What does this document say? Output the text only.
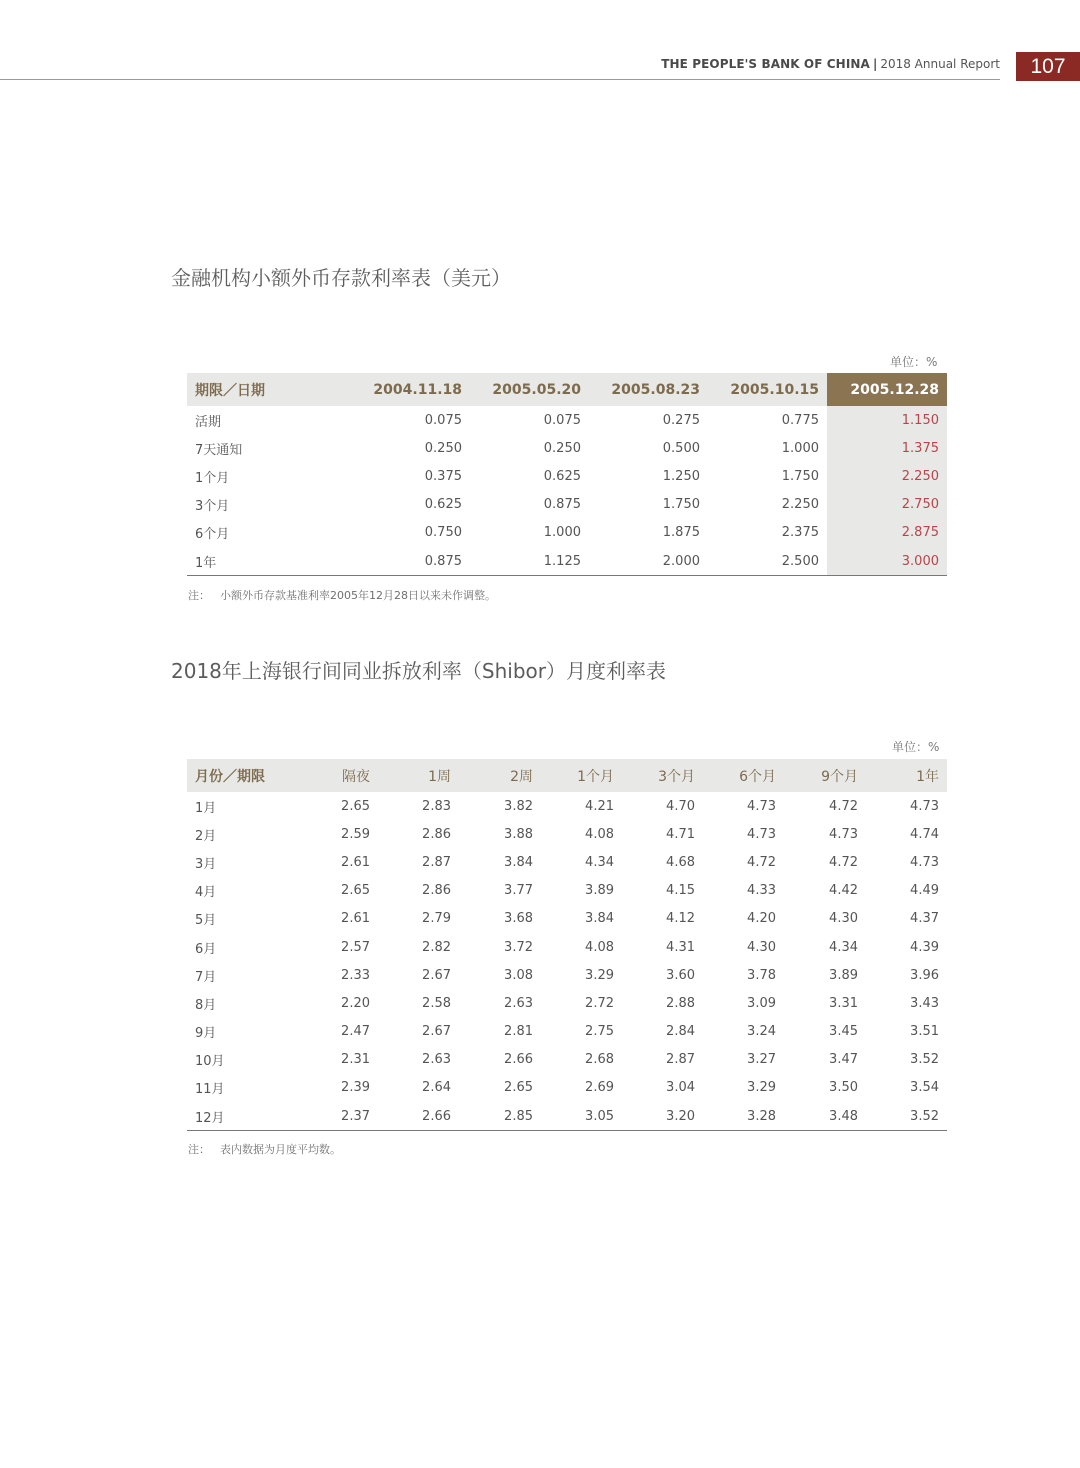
THE PEOPLE'S BANK OF CHINA | 2018 Annual Report	107
金融机构小额外币存款利率表（美元）
单位：%
期限／日期	2004.11.18	2005.05.20	2005.08.23	2005.10.15	2005.12.28
活期	0.075	0.075	0.275	0.775	1.150
7天通知	0.250	0.250	0.500	1.000	1.375
1个月	0.375	0.625	1.250	1.750	2.250
3个月	0.625	0.875	1.750	2.250	2.750
6个月	0.750	1.000	1.875	2.375	2.875
1年	0.875	1.125	2.000	2.500	3.000
注： 小额外币存款基准利率2005年12月28日以来未作调整。
2018年上海银行间同业拆放利率（Shibor）月度利率表
单位：%
月份／期限	隔夜	1周	2周	1个月	3个月	6个月	9个月	1年
1月	2.65	2.83	3.82	4.21	4.70	4.73	4.72	4.73
2月	2.59	2.86	3.88	4.08	4.71	4.73	4.73	4.74
3月	2.61	2.87	3.84	4.34	4.68	4.72	4.72	4.73
4月	2.65	2.86	3.77	3.89	4.15	4.33	4.42	4.49
5月	2.61	2.79	3.68	3.84	4.12	4.20	4.30	4.37
6月	2.57	2.82	3.72	4.08	4.31	4.30	4.34	4.39
7月	2.33	2.67	3.08	3.29	3.60	3.78	3.89	3.96
8月	2.20	2.58	2.63	2.72	2.88	3.09	3.31	3.43
9月	2.47	2.67	2.81	2.75	2.84	3.24	3.45	3.51
10月	2.31	2.63	2.66	2.68	2.87	3.27	3.47	3.52
11月	2.39	2.64	2.65	2.69	3.04	3.29	3.50	3.54
12月	2.37	2.66	2.85	3.05	3.20	3.28	3.48	3.52
注： 表内数据为月度平均数。
